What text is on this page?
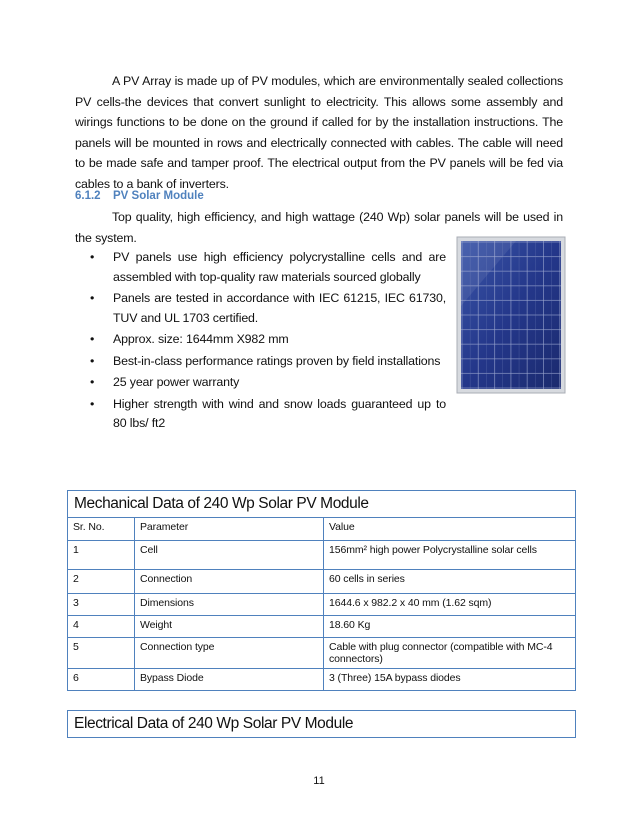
A PV Array is made up of PV modules, which are environmentally sealed collections PV cells-the devices that convert sunlight to electricity. This allows some assembly and wirings functions to be done on the ground if called for by the installation instructions. The panels will be mounted in rows and electrically connected with cables. The cable will need to be made safe and tamper proof. The electrical output from the PV panels will be fed via cables to a bank of inverters.

6.1.2 PV Solar Module

Top quality, high efficiency, and high wattage (240 Wp) solar panels will be used in the system.

• PV panels use high efficiency polycrystalline cells and are assembled with top-quality raw materials sourced globally
• Panels are tested in accordance with IEC 61215, IEC 61730, TUV and UL 1703 certified.
• Approx. size: 1644mm X982 mm
• Best-in-class performance ratings proven by field installations
• 25 year power warranty
• Higher strength with wind and snow loads guaranteed up to 80 lbs/ ft2
Mechanical Data of 240 Wp Solar PV Module		
Sr. No.	Parameter	Value
1	Cell	156mm² high power Polycrystalline solar cells
2	Connection	60 cells in series
3	Dimensions	1644.6 x 982.2 x 40 mm (1.62 sqm)
4	Weight	18.60 Kg
5	Connection type	Cable with plug connector (compatible with MC-4 connectors)
6	Bypass Diode	3 (Three) 15A bypass diodes
Electrical Data of 240 Wp Solar PV Module
11
